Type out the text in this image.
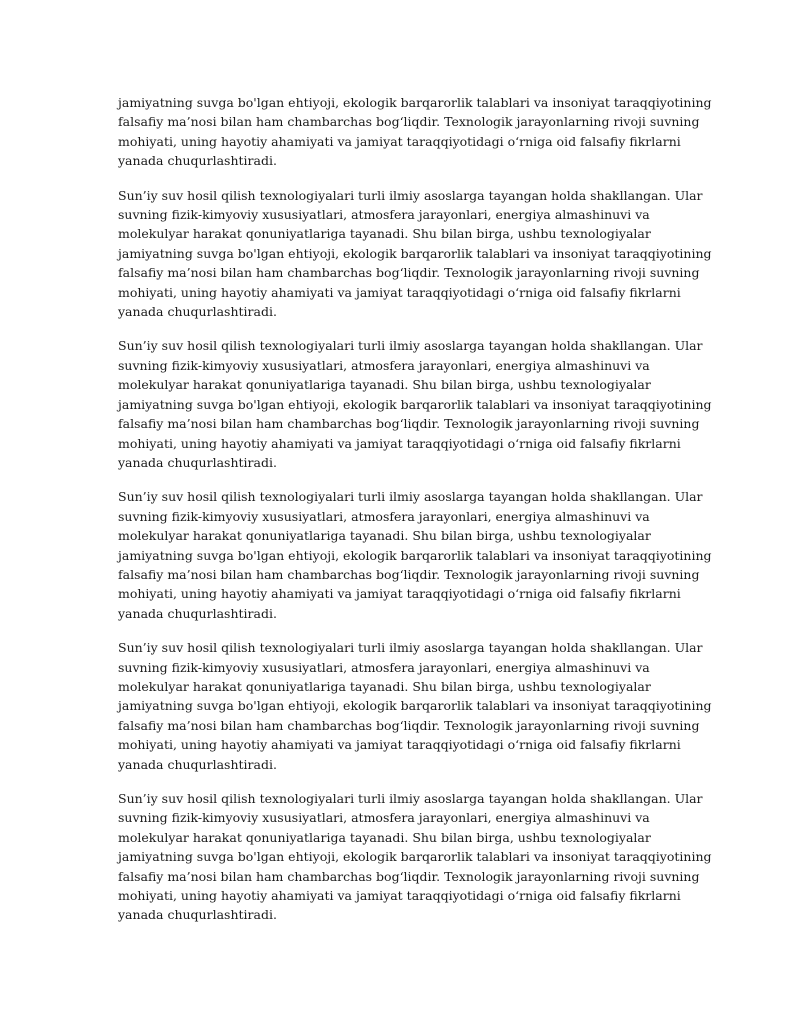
jamiyatning suvga bo'lgan ehtiyoji, ekologik barqarorlik talablari va insoniyat taraqqiyotining
falsafiy ma’nosi bilan ham chambarchas bog‘liqdir. Texnologik jarayonlarning rivoji suvning
mohiyati, uning hayotiy ahamiyati va jamiyat taraqqiyotidagi o‘rniga oid falsafiy fikrlarni
yanada chuqurlashtiradi.

Sun’iy suv hosil qilish texnologiyalari turli ilmiy asoslarga tayangan holda shakllangan. Ular
suvning fizik-kimyoviy xususiyatlari, atmosfera jarayonlari, energiya almashinuvi va
molekulyar harakat qonuniyatlariga tayanadi. Shu bilan birga, ushbu texnologiyalar
jamiyatning suvga bo'lgan ehtiyoji, ekologik barqarorlik talablari va insoniyat taraqqiyotining
falsafiy ma’nosi bilan ham chambarchas bog‘liqdir. Texnologik jarayonlarning rivoji suvning
mohiyati, uning hayotiy ahamiyati va jamiyat taraqqiyotidagi o‘rniga oid falsafiy fikrlarni
yanada chuqurlashtiradi.

Sun’iy suv hosil qilish texnologiyalari turli ilmiy asoslarga tayangan holda shakllangan. Ular
suvning fizik-kimyoviy xususiyatlari, atmosfera jarayonlari, energiya almashinuvi va
molekulyar harakat qonuniyatlariga tayanadi. Shu bilan birga, ushbu texnologiyalar
jamiyatning suvga bo'lgan ehtiyoji, ekologik barqarorlik talablari va insoniyat taraqqiyotining
falsafiy ma’nosi bilan ham chambarchas bog‘liqdir. Texnologik jarayonlarning rivoji suvning
mohiyati, uning hayotiy ahamiyati va jamiyat taraqqiyotidagi o‘rniga oid falsafiy fikrlarni
yanada chuqurlashtiradi.

Sun’iy suv hosil qilish texnologiyalari turli ilmiy asoslarga tayangan holda shakllangan. Ular
suvning fizik-kimyoviy xususiyatlari, atmosfera jarayonlari, energiya almashinuvi va
molekulyar harakat qonuniyatlariga tayanadi. Shu bilan birga, ushbu texnologiyalar
jamiyatning suvga bo'lgan ehtiyoji, ekologik barqarorlik talablari va insoniyat taraqqiyotining
falsafiy ma’nosi bilan ham chambarchas bog‘liqdir. Texnologik jarayonlarning rivoji suvning
mohiyati, uning hayotiy ahamiyati va jamiyat taraqqiyotidagi o‘rniga oid falsafiy fikrlarni
yanada chuqurlashtiradi.

Sun’iy suv hosil qilish texnologiyalari turli ilmiy asoslarga tayangan holda shakllangan. Ular
suvning fizik-kimyoviy xususiyatlari, atmosfera jarayonlari, energiya almashinuvi va
molekulyar harakat qonuniyatlariga tayanadi. Shu bilan birga, ushbu texnologiyalar
jamiyatning suvga bo'lgan ehtiyoji, ekologik barqarorlik talablari va insoniyat taraqqiyotining
falsafiy ma’nosi bilan ham chambarchas bog‘liqdir. Texnologik jarayonlarning rivoji suvning
mohiyati, uning hayotiy ahamiyati va jamiyat taraqqiyotidagi o‘rniga oid falsafiy fikrlarni
yanada chuqurlashtiradi.

Sun’iy suv hosil qilish texnologiyalari turli ilmiy asoslarga tayangan holda shakllangan. Ular
suvning fizik-kimyoviy xususiyatlari, atmosfera jarayonlari, energiya almashinuvi va
molekulyar harakat qonuniyatlariga tayanadi. Shu bilan birga, ushbu texnologiyalar
jamiyatning suvga bo'lgan ehtiyoji, ekologik barqarorlik talablari va insoniyat taraqqiyotining
falsafiy ma’nosi bilan ham chambarchas bog‘liqdir. Texnologik jarayonlarning rivoji suvning
mohiyati, uning hayotiy ahamiyati va jamiyat taraqqiyotidagi o‘rniga oid falsafiy fikrlarni
yanada chuqurlashtiradi.
